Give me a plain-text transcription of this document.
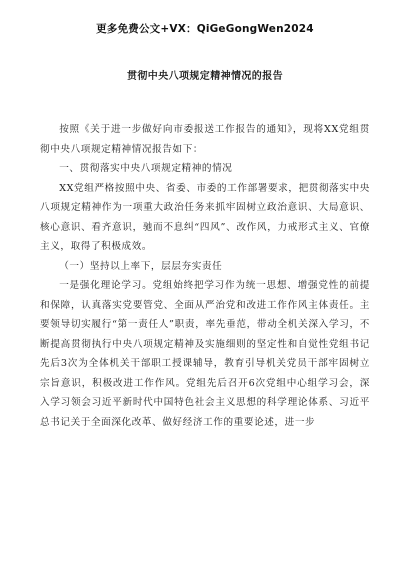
更多免费公文+VX：QiGeGongWen2024
贯彻中央八项规定精神情况的报告

按照《关于进一步做好向市委报送工作报告的通知》，现将XX党组贯彻中央八项规定精神情况报告如下：

一、贯彻落实中央八项规定精神的情况

XX党组严格按照中央、省委、市委的工作部署要求，把贯彻落实中央八项规定精神作为一项重大政治任务来抓牢固树立政治意识、大局意识、核心意识、看齐意识，驰而不息纠“四风”、改作风，力戒形式主义、官僚主义，取得了积极成效。

（一）坚持以上率下，层层夯实责任

一是强化理论学习。党组始终把学习作为统一思想、增强党性的前提和保障，认真落实党要管党、全面从严治党和改进工作作风主体责任。主要领导切实履行“第一责任人”职责，率先垂范，带动全机关深入学习，不断提高贯彻执行中央八项规定精神及实施细则的坚定性和自觉性党组书记先后3次为全体机关干部职工授课辅导，教育引导机关党员干部牢固树立宗旨意识，积极改进工作作风。党组先后召开6次党组中心组学习会，深入学习领会习近平新时代中国特色社会主义思想的科学理论体系、习近平总书记关于全面深化改革、做好经济工作的重要论述，进一步
